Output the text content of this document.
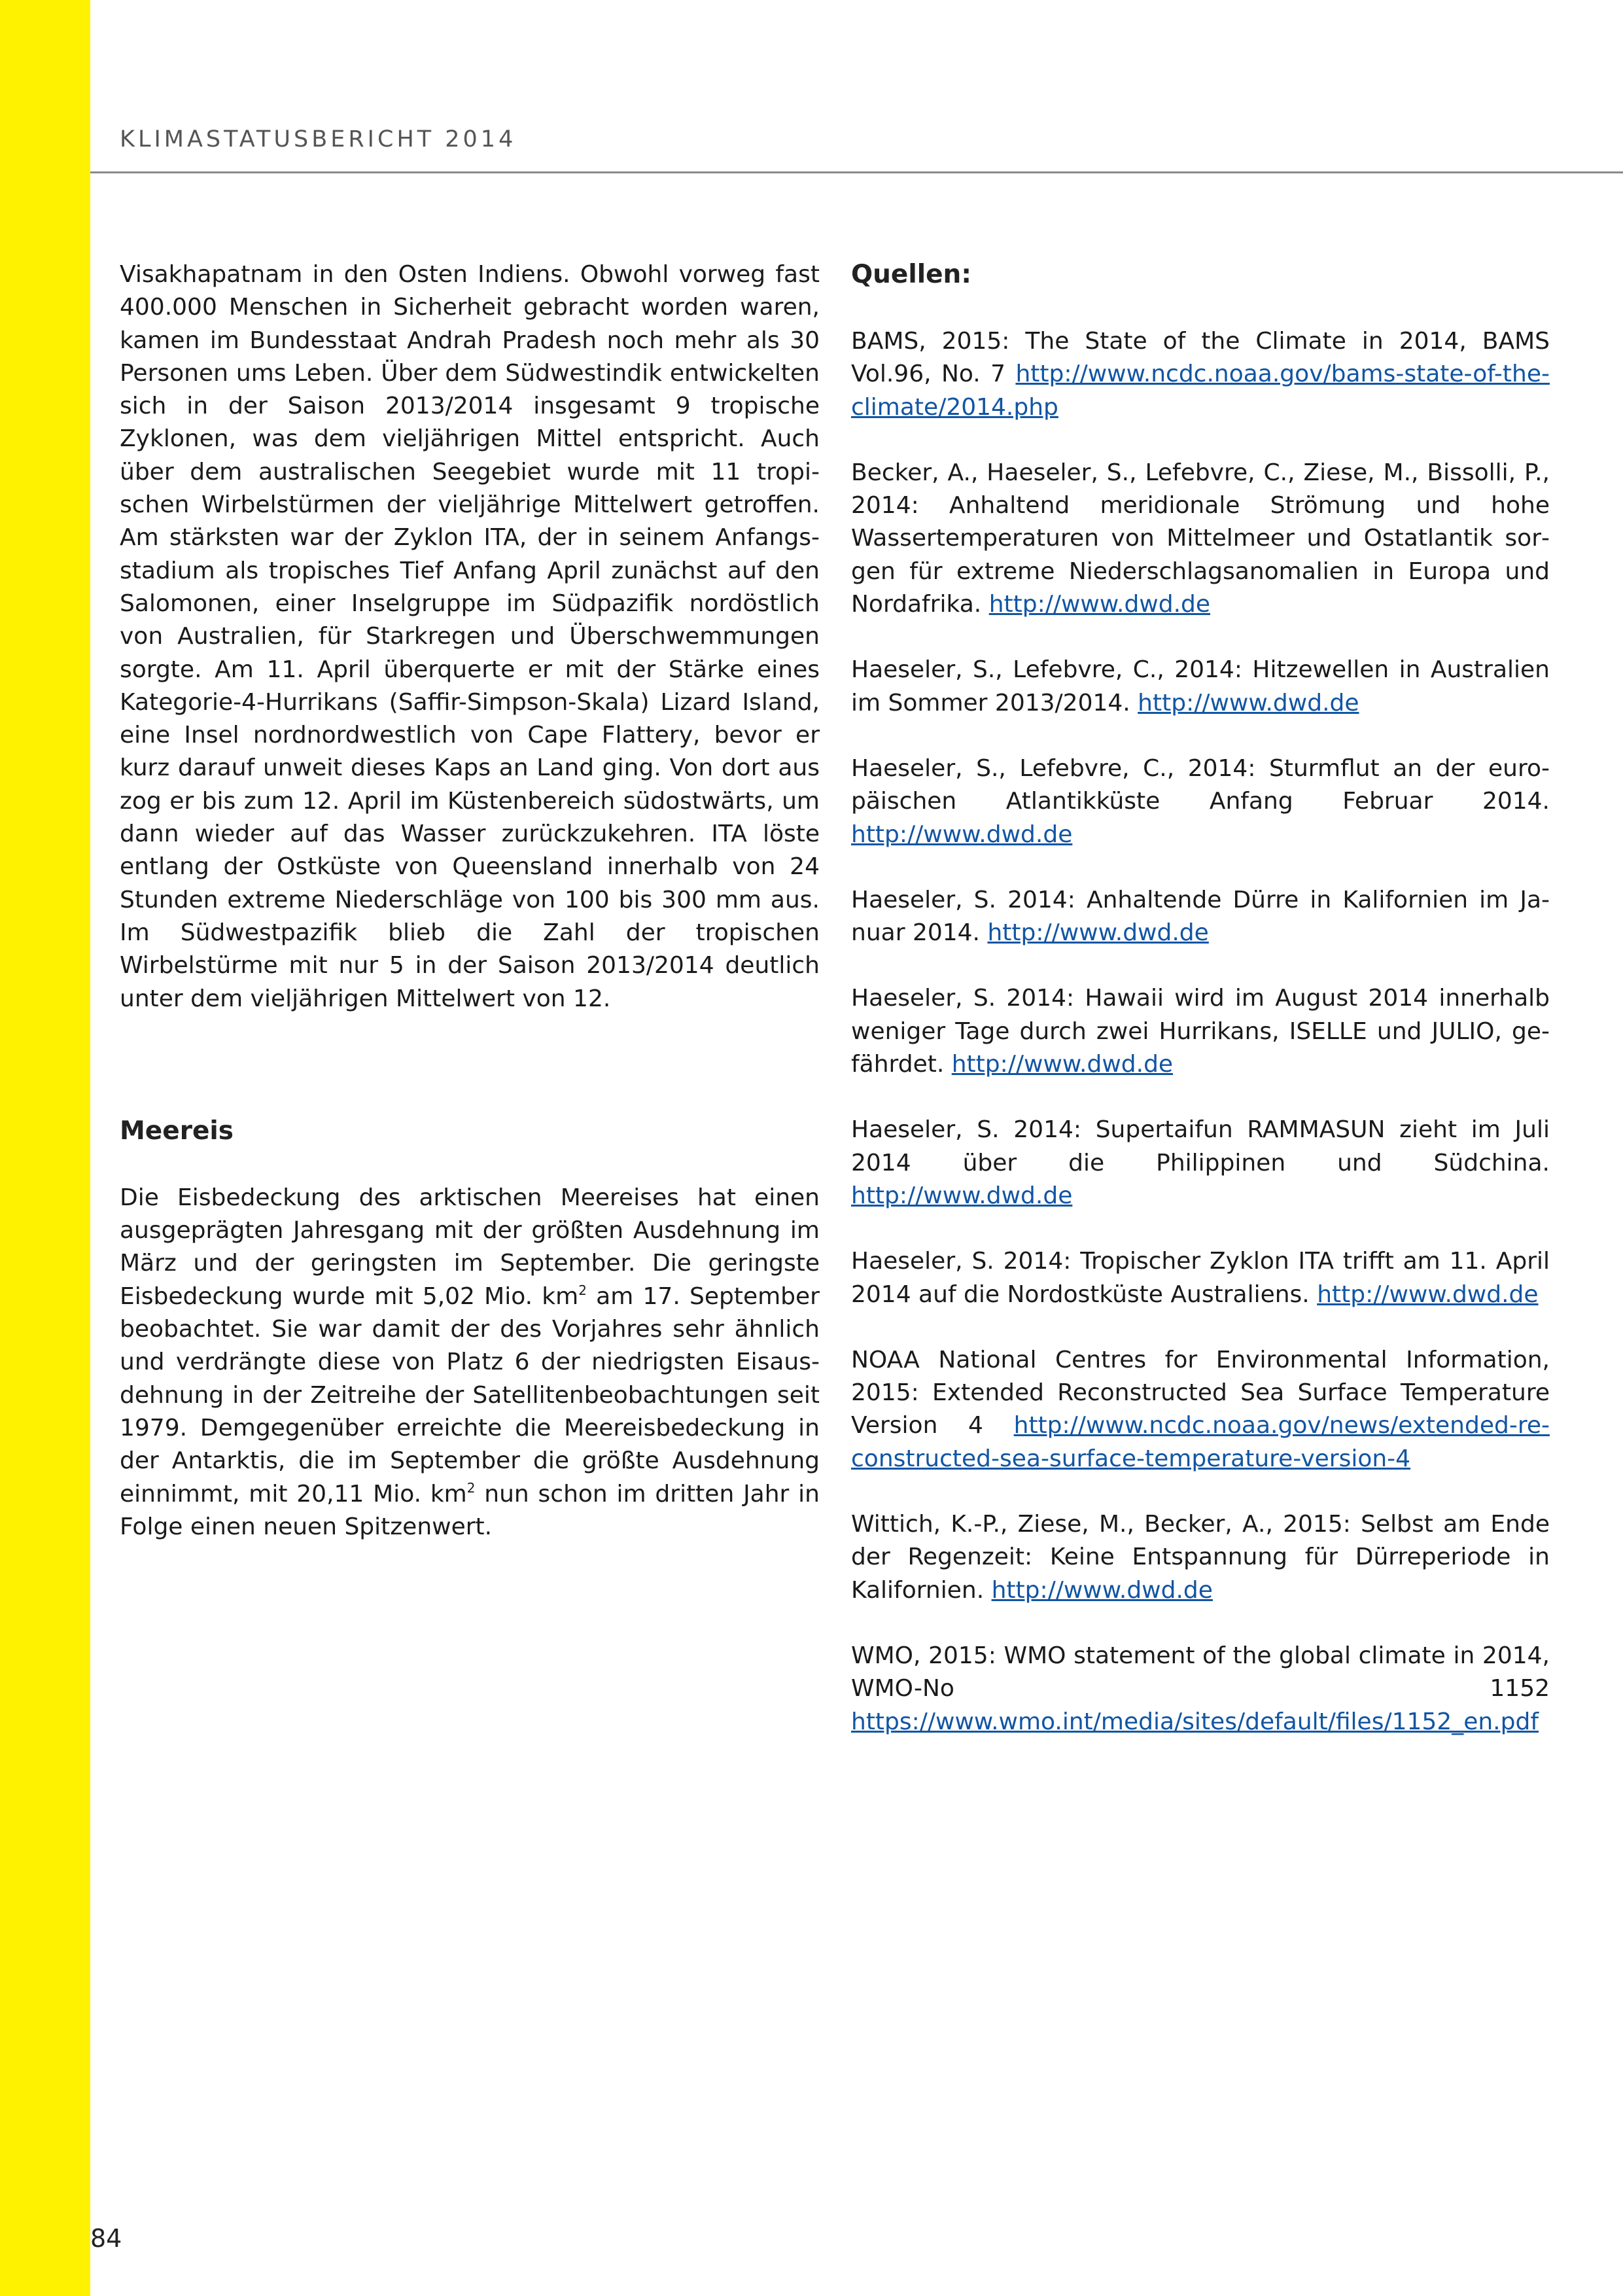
KLIMASTATUSBERICHT 2014

Visakhapatnam in den Osten Indiens. Obwohl vorweg fast 400.000 Menschen in Sicherheit gebracht worden waren, kamen im Bundesstaat Andrah Pradesh noch mehr als 30 Personen ums Leben. Über dem Südwestindik entwickelten sich in der Saison 2013/2014 insgesamt 9 tropische Zyklonen, was dem vieljährigen Mittel entspricht. Auch über dem australischen Seegebiet wurde mit 11 tropischen Wirbelstürmen der vieljährige Mittelwert getroffen. Am stärksten war der Zyklon ITA, der in seinem Anfangsstadium als tropisches Tief Anfang April zunächst auf den Salomonen, einer Inselgruppe im Südpazifik nordöstlich von Australien, für Starkregen und Überschwemmungen sorgte. Am 11. April überquerte er mit der Stärke eines Kategorie-4-Hurrikans (Saffir-Simpson-Skala) Lizard Island, eine Insel nordnordwestlich von Cape Flattery, bevor er kurz darauf unweit dieses Kaps an Land ging. Von dort aus zog er bis zum 12. April im Küstenbereich südostwärts, um dann wieder auf das Wasser zurückzukehren. ITA löste entlang der Ostküste von Queensland innerhalb von 24 Stunden extreme Niederschläge von 100 bis 300 mm aus. Im Südwestpazifik blieb die Zahl der tropischen Wirbelstürme mit nur 5 in der Saison 2013/2014 deutlich unter dem vieljährigen Mittelwert von 12.

Meereis

Die Eisbedeckung des arktischen Meereises hat einen ausgeprägten Jahresgang mit der größten Ausdehnung im März und der geringsten im September. Die geringste Eisbedeckung wurde mit 5,02 Mio. $km^2$ am 17. September beobachtet. Sie war damit der des Vorjahres sehr ähnlich und verdrängte diese von Platz 6 der niedrigsten Eisausdehnung in der Zeitreihe der Satellitenbeobachtungen seit 1979. Demgegenüber erreichte die Meereisbedeckung in der Antarktis, die im September die größte Ausdehnung einnimmt, mit 20,11 Mio. $km^2$ nun schon im dritten Jahr in Folge einen neuen Spitzenwert.

Quellen:

BAMS, 2015: The State of the Climate in 2014, BAMS Vol.96, No. 7 http://www.ncdc.noaa.gov/bams-state-of-the-climate/2014.php

Becker, A., Haeseler, S., Lefebvre, C., Ziese, M., Bissolli, P., 2014: Anhaltend meridionale Strömung und hohe Wassertemperaturen von Mittelmeer und Ostatlantik sorgen für extreme Niederschlagsanomalien in Europa und Nordafrika. http://www.dwd.de

Haeseler, S., Lefebvre, C., 2014: Hitzewellen in Australien im Sommer 2013/2014. http://www.dwd.de

Haeseler, S., Lefebvre, C., 2014: Sturmflut an der europäischen Atlantikküste Anfang Februar 2014. http://www.dwd.de

Haeseler, S. 2014: Anhaltende Dürre in Kalifornien im Januar 2014. http://www.dwd.de

Haeseler, S. 2014: Hawaii wird im August 2014 innerhalb weniger Tage durch zwei Hurrikans, ISELLE und JULIO, gefährdet. http://www.dwd.de

Haeseler, S. 2014: Supertaifun RAMMASUN zieht im Juli 2014 über die Philippinen und Südchina. http://www.dwd.de

Haeseler, S. 2014: Tropischer Zyklon ITA trifft am 11. April 2014 auf die Nordostküste Australiens. http://www.dwd.de

NOAA National Centres for Environmental Information, 2015: Extended Reconstructed Sea Surface Temperature Version 4 http://www.ncdc.noaa.gov/news/extended-reconstructed-sea-surface-temperature-version-4

Wittich, K.-P., Ziese, M., Becker, A., 2015: Selbst am Ende der Regenzeit: Keine Entspannung für Dürreperiode in Kalifornien. http://www.dwd.de

WMO, 2015: WMO statement of the global climate in 2014, WMO-No 1152 https://www.wmo.int/media/sites/default/files/1152_en.pdf

84
